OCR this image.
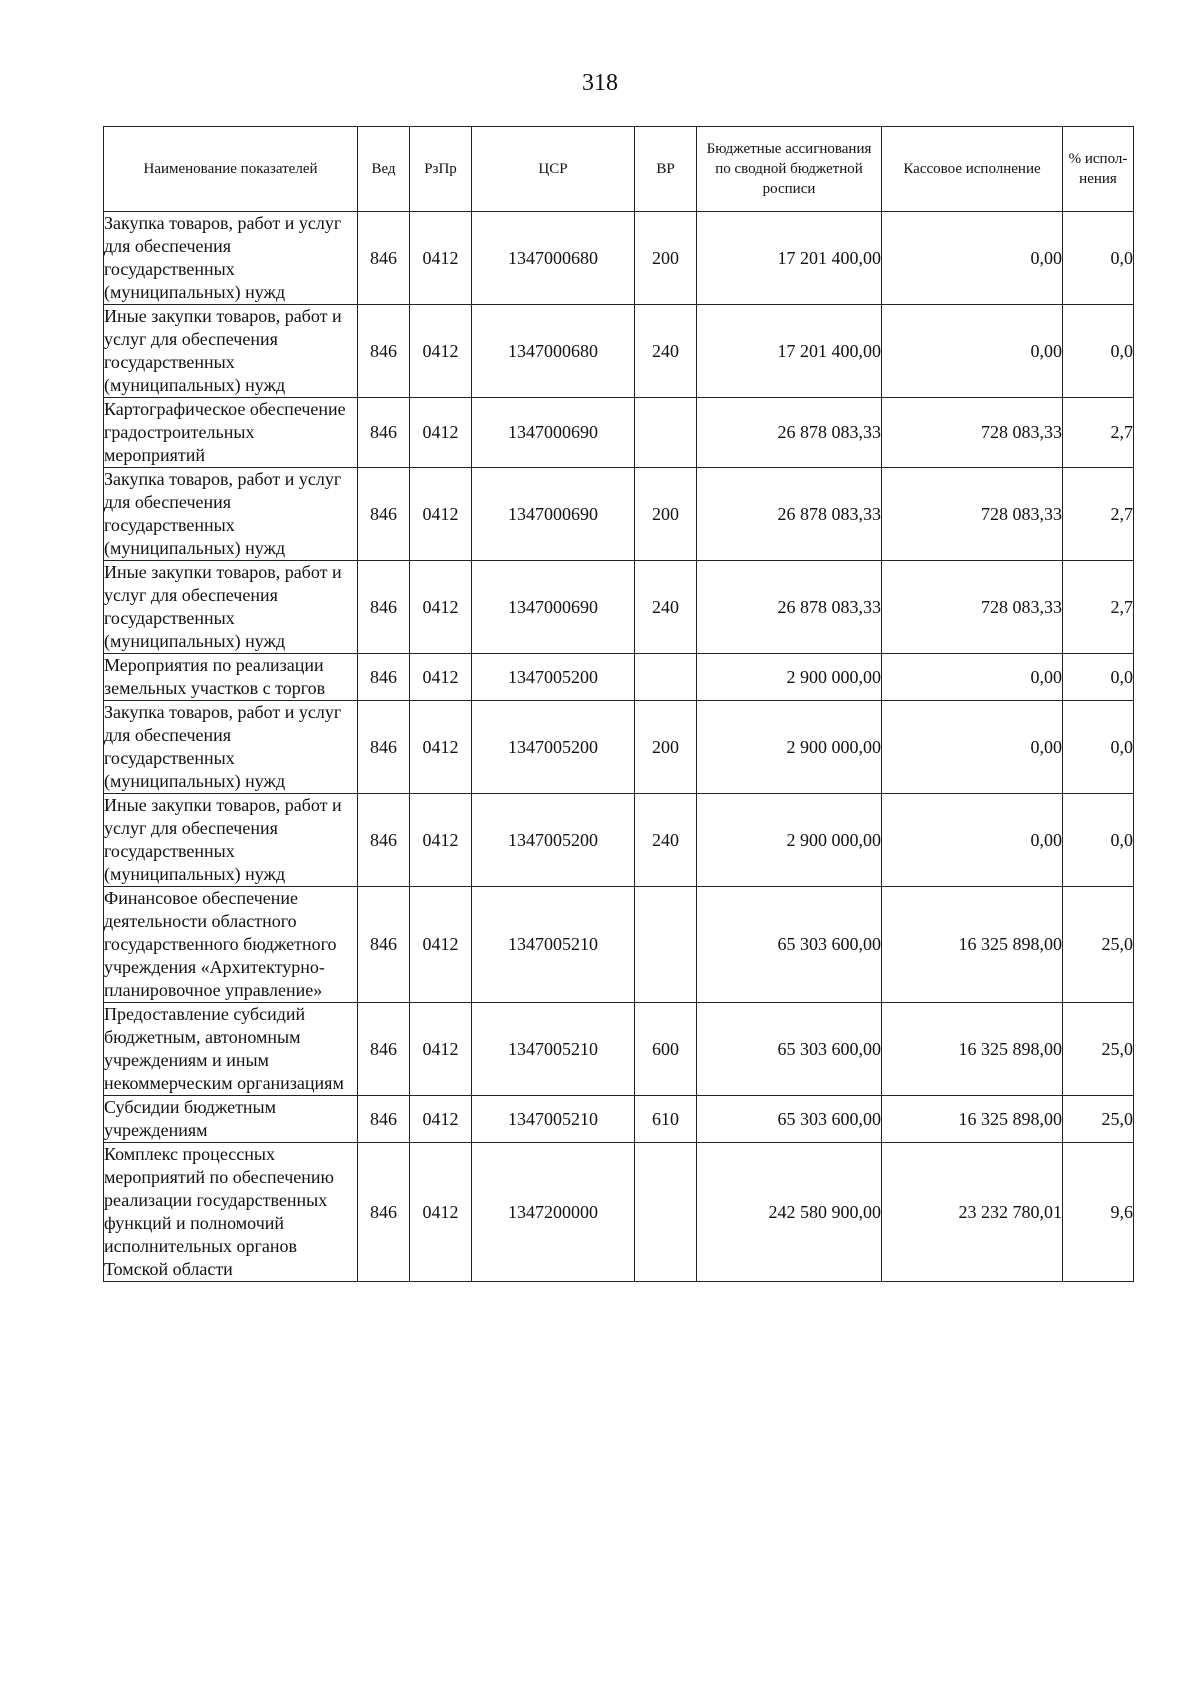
318
Наименование показателей	Вед	РзПр	ЦСР	ВР	Бюджетные ассигнования по сводной бюджетной росписи	Кассовое исполнение	% испол-нения
Закупка товаров, работ и услуг для обеспечения государственных (муниципальных) нужд	846	0412	1347000680	200	17 201 400,00	0,00	0,0
Иные закупки товаров, работ и услуг для обеспечения государственных (муниципальных) нужд	846	0412	1347000680	240	17 201 400,00	0,00	0,0
Картографическое обеспечение градостроительных мероприятий	846	0412	1347000690		26 878 083,33	728 083,33	2,7
Закупка товаров, работ и услуг для обеспечения государственных (муниципальных) нужд	846	0412	1347000690	200	26 878 083,33	728 083,33	2,7
Иные закупки товаров, работ и услуг для обеспечения государственных (муниципальных) нужд	846	0412	1347000690	240	26 878 083,33	728 083,33	2,7
Мероприятия по реализации земельных участков с торгов	846	0412	1347005200		2 900 000,00	0,00	0,0
Закупка товаров, работ и услуг для обеспечения государственных (муниципальных) нужд	846	0412	1347005200	200	2 900 000,00	0,00	0,0
Иные закупки товаров, работ и услуг для обеспечения государственных (муниципальных) нужд	846	0412	1347005200	240	2 900 000,00	0,00	0,0
Финансовое обеспечение деятельности областного государственного бюджетного учреждения «Архитектурно-планировочное управление»	846	0412	1347005210		65 303 600,00	16 325 898,00	25,0
Предоставление субсидий бюджетным, автономным учреждениям и иным некоммерческим организациям	846	0412	1347005210	600	65 303 600,00	16 325 898,00	25,0
Субсидии бюджетным учреждениям	846	0412	1347005210	610	65 303 600,00	16 325 898,00	25,0
Комплекс процессных мероприятий по обеспечению реализации государственных функций и полномочий исполнительных органов Томской области	846	0412	1347200000		242 580 900,00	23 232 780,01	9,6
